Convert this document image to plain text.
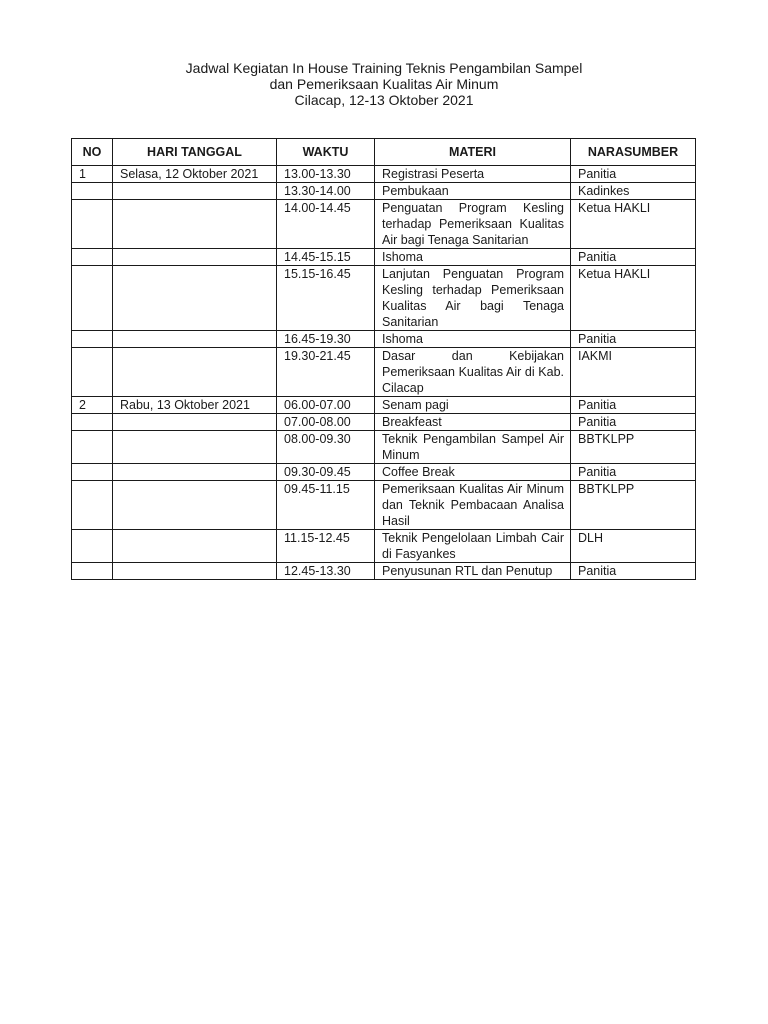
Jadwal Kegiatan In House Training Teknis Pengambilan Sampel
dan Pemeriksaan Kualitas Air Minum
Cilacap, 12-13 Oktober 2021
NO	HARI TANGGAL	WAKTU	MATERI	NARASUMBER
1	Selasa, 12 Oktober 2021	13.00-13.30	Registrasi Peserta	Panitia
		13.30-14.00	Pembukaan	Kadinkes
		14.00-14.45	Penguatan Program Kesling terhadap Pemeriksaan Kualitas Air bagi Tenaga Sanitarian	Ketua HAKLI
		14.45-15.15	Ishoma	Panitia
		15.15-16.45	Lanjutan Penguatan Program Kesling terhadap Pemeriksaan Kualitas Air bagi Tenaga Sanitarian	Ketua HAKLI
		16.45-19.30	Ishoma	Panitia
		19.30-21.45	Dasar dan Kebijakan Pemeriksaan Kualitas Air di Kab. Cilacap	IAKMI
2	Rabu, 13 Oktober 2021	06.00-07.00	Senam pagi	Panitia
		07.00-08.00	Breakfeast	Panitia
		08.00-09.30	Teknik Pengambilan Sampel Air Minum	BBTKLPP
		09.30-09.45	Coffee Break	Panitia
		09.45-11.15	Pemeriksaan Kualitas Air Minum dan Teknik Pembacaan Analisa Hasil	BBTKLPP
		11.15-12.45	Teknik Pengelolaan Limbah Cair di Fasyankes	DLH
		12.45-13.30	Penyusunan RTL dan Penutup	Panitia
